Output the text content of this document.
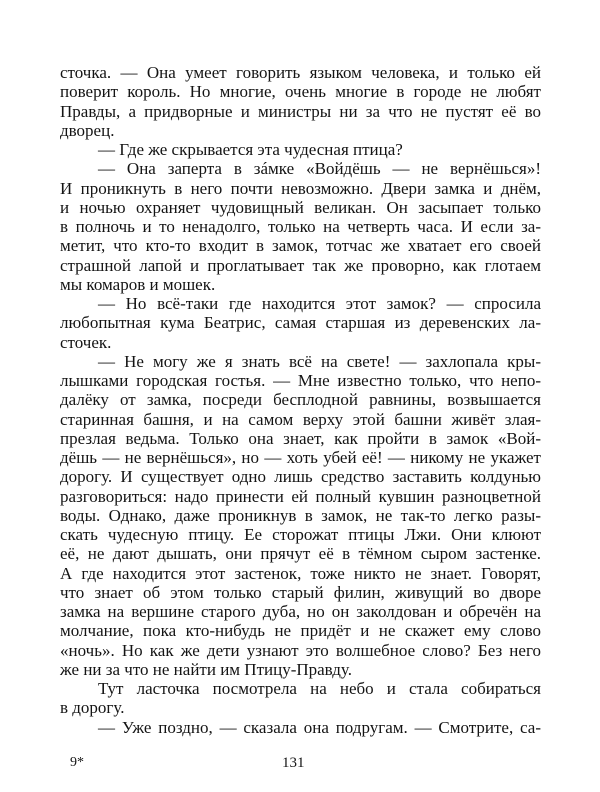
сточка. — Она умеет говорить языком человека, и только ей
поверит король. Но многие, очень многие в городе не любят
Правды, а придворные и министры ни за что не пустят её во
дворец.
— Где же скрывается эта чудесная птица?
— Она заперта в зáмке «Войдёшь — не вернёшься»!
И проникнуть в него почти невозможно. Двери замка и днём,
и ночью охраняет чудовищный великан. Он засыпает только
в полночь и то ненадолго, только на четверть часа. И если за-
метит, что кто-то входит в замок, тотчас же хватает его своей
страшной лапой и проглатывает так же проворно, как глотаем
мы комаров и мошек.
— Но всё-таки где находится этот замок? — спросила
любопытная кума Беатрис, самая старшая из деревенских ла-
сточек.
— Не могу же я знать всё на свете! — захлопала кры-
лышками городская гостья. — Мне известно только, что непо-
далёку от замка, посреди бесплодной равнины, возвышается
старинная башня, и на самом верху этой башни живёт злая-
презлая ведьма. Только она знает, как пройти в замок «Вой-
дёшь — не вернёшься», но — хоть убей её! — никому не укажет
дорогу. И существует одно лишь средство заставить колдунью
разговориться: надо принести ей полный кувшин разноцветной
воды. Однако, даже проникнув в замок, не так-то легко разы-
скать чудесную птицу. Ее сторожат птицы Лжи. Они клюют
её, не дают дышать, они прячут её в тёмном сыром застенке.
А где находится этот застенок, тоже никто не знает. Говорят,
что знает об этом только старый филин, живущий во дворе
замка на вершине старого дуба, но он заколдован и обречён на
молчание, пока кто-нибудь не придёт и не скажет ему слово
«ночь». Но как же дети узнают это волшебное слово? Без него
же ни за что не найти им Птицу-Правду.
Тут ласточка посмотрела на небо и стала собираться
в дорогу.
— Уже поздно, — сказала она подругам. — Смотрите, са-
9*	131
